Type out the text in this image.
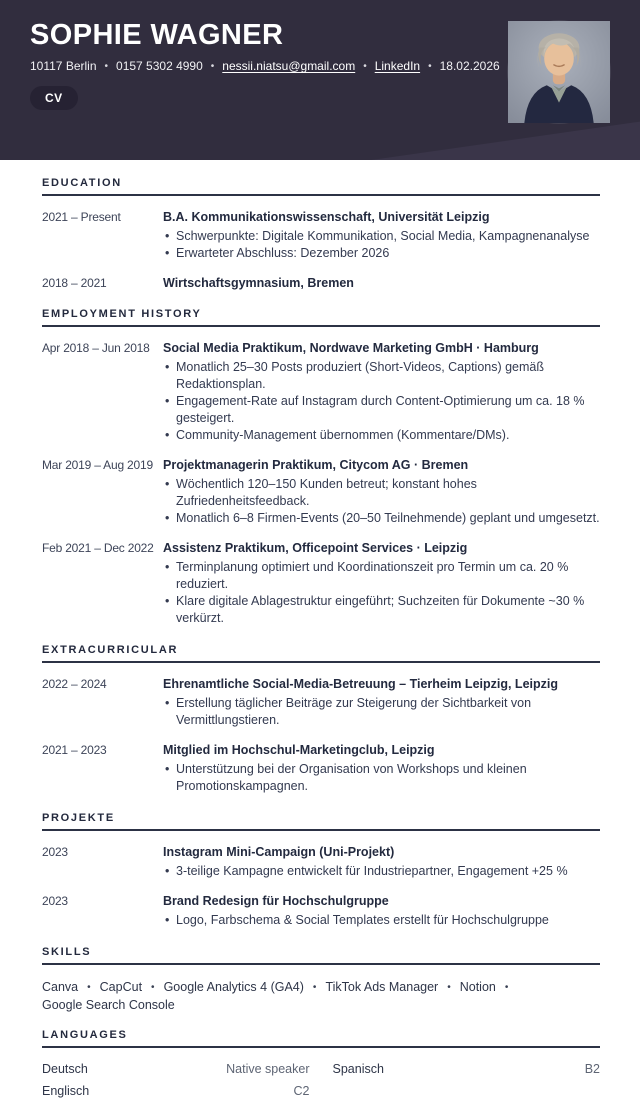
SOPHIE WAGNER
10117 Berlin • 0157 5302 4990 • nessii.niatsu@gmail.com • LinkedIn • 18.02.2026
CV
EDUCATION
2021 – Present	B.A. Kommunikationswissenschaft, Universität Leipzig
• Schwerpunkte: Digitale Kommunikation, Social Media, Kampagnenanalyse
• Erwarteter Abschluss: Dezember 2026
2018 – 2021	Wirtschaftsgymnasium, Bremen
EMPLOYMENT HISTORY
Apr 2018 – Jun 2018	Social Media Praktikum, Nordwave Marketing GmbH · Hamburg
• Monatlich 25–30 Posts produziert (Short-Videos, Captions) gemäß Redaktionsplan.
• Engagement-Rate auf Instagram durch Content-Optimierung um ca. 18 % gesteigert.
• Community-Management übernommen (Kommentare/DMs).
Mar 2019 – Aug 2019 Projektmanagerin Praktikum, Citycom AG · Bremen
• Wöchentlich 120–150 Kunden betreut; konstant hohes Zufriedenheitsfeedback.
• Monatlich 6–8 Firmen-Events (20–50 Teilnehmende) geplant und umgesetzt.
Feb 2021 – Dec 2022 Assistenz Praktikum, Officepoint Services · Leipzig
• Terminplanung optimiert und Koordinationszeit pro Termin um ca. 20 % reduziert.
• Klare digitale Ablagestruktur eingeführt; Suchzeiten für Dokumente ~30 % verkürzt.
EXTRACURRICULAR
2022 – 2024	Ehrenamtliche Social-Media-Betreuung – Tierheim Leipzig, Leipzig
• Erstellung täglicher Beiträge zur Steigerung der Sichtbarkeit von Vermittlungstieren.
2021 – 2023	Mitglied im Hochschul-Marketingclub, Leipzig
• Unterstützung bei der Organisation von Workshops und kleinen Promotionskampagnen.
PROJEKTE
2023	Instagram Mini-Campaign (Uni-Projekt)
• 3-teilige Kampagne entwickelt für Industriepartner, Engagement +25 %
2023	Brand Redesign für Hochschulgruppe
• Logo, Farbschema & Social Templates erstellt für Hochschulgruppe
SKILLS
Canva • CapCut • Google Analytics 4 (GA4) • TikTok Ads Manager • Notion •
Google Search Console
LANGUAGES
Deutsch	Native speaker Spanisch	B2
Englisch	C2
